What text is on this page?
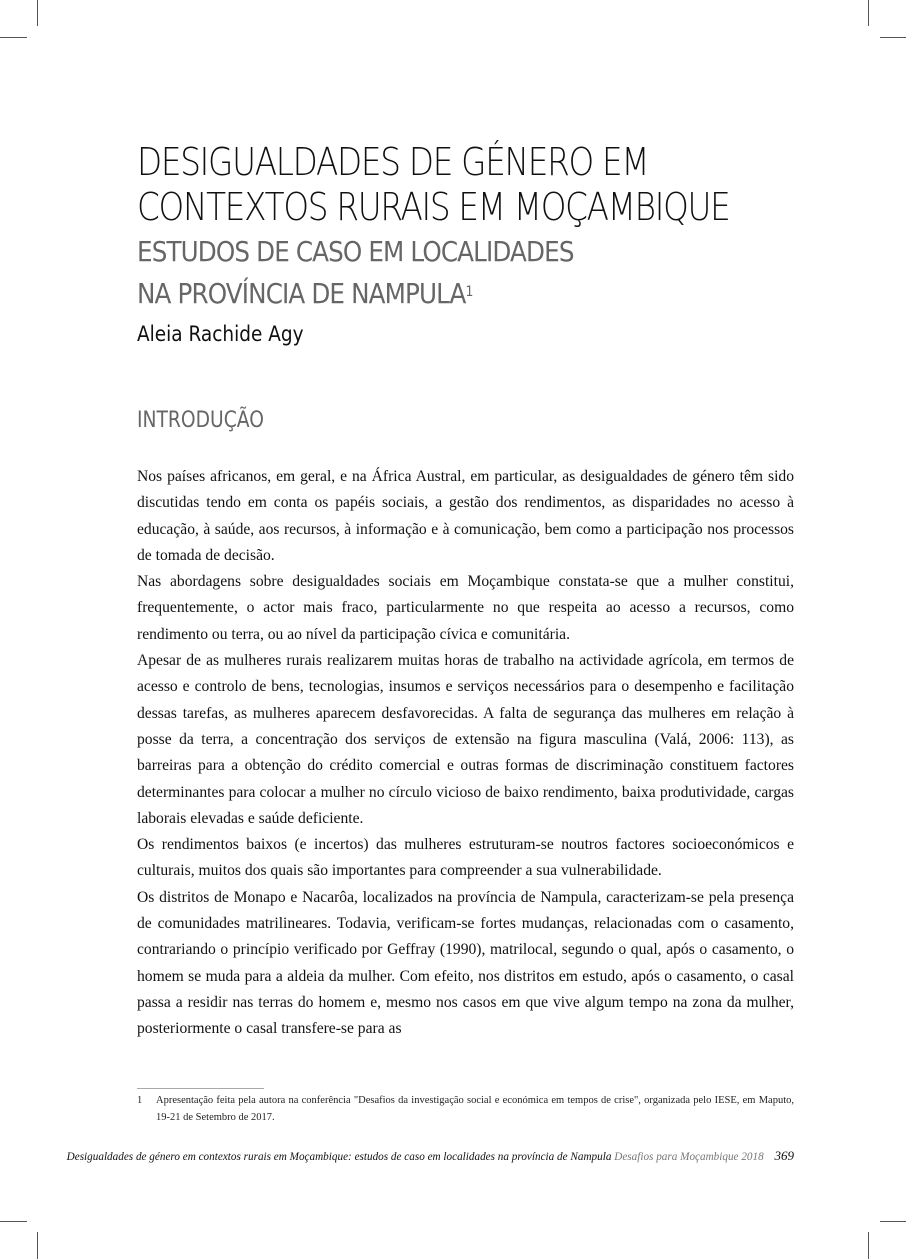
DESIGUALDADES DE GÉNERO EM
CONTEXTOS RURAIS EM MOÇAMBIQUE
ESTUDOS DE CASO EM LOCALIDADES
NA PROVÍNCIA DE NAMPULA$^1$
Aleia Rachide Agy
INTRODUÇÃO

Nos países africanos, em geral, e na África Austral, em particular, as desigualdades de género têm sido discutidas tendo em conta os papéis sociais, a gestão dos rendimentos, as disparidades no acesso à educação, à saúde, aos recursos, à informação e à comunicação, bem como a participação nos processos de tomada de decisão.

Nas abordagens sobre desigualdades sociais em Moçambique constata-se que a mulher constitui, frequentemente, o actor mais fraco, particularmente no que respeita ao acesso a recursos, como rendimento ou terra, ou ao nível da participação cívica e comunitária.

Apesar de as mulheres rurais realizarem muitas horas de trabalho na actividade agrícola, em termos de acesso e controlo de bens, tecnologias, insumos e serviços necessários para o desempenho e facilitação dessas tarefas, as mulheres aparecem desfavorecidas. A falta de segurança das mulheres em relação à posse da terra, a concentração dos serviços de extensão na figura masculina (Valá, 2006: 113), as barreiras para a obtenção do crédito comercial e outras formas de discriminação constituem factores determinantes para colocar a mulher no círculo vicioso de baixo rendimento, baixa produtividade, cargas laborais elevadas e saúde deficiente.

Os rendimentos baixos (e incertos) das mulheres estruturam-se noutros factores socioeconómicos e culturais, muitos dos quais são importantes para compreender a sua vulnerabilidade.

Os distritos de Monapo e Nacarôa, localizados na província de Nampula, caracterizam-se pela presença de comunidades matrilineares. Todavia, verificam-se fortes mudanças, relacionadas com o casamento, contrariando o princípio verificado por Geffray (1990), matrilocal, segundo o qual, após o casamento, o homem se muda para a aldeia da mulher. Com efeito, nos distritos em estudo, após o casamento, o casal passa a residir nas terras do homem e, mesmo nos casos em que vive algum tempo na zona da mulher, posteriormente o casal transfere-se para as

1 Apresentação feita pela autora na conferência "Desafios da investigação social e económica em tempos de crise", organizada pelo IESE, em Maputo, 19-21 de Setembro de 2017.
Desigualdades de género em contextos rurais em Moçambique: estudos de caso em localidades na província de Nampula Desafios para Moçambique 2018 369
